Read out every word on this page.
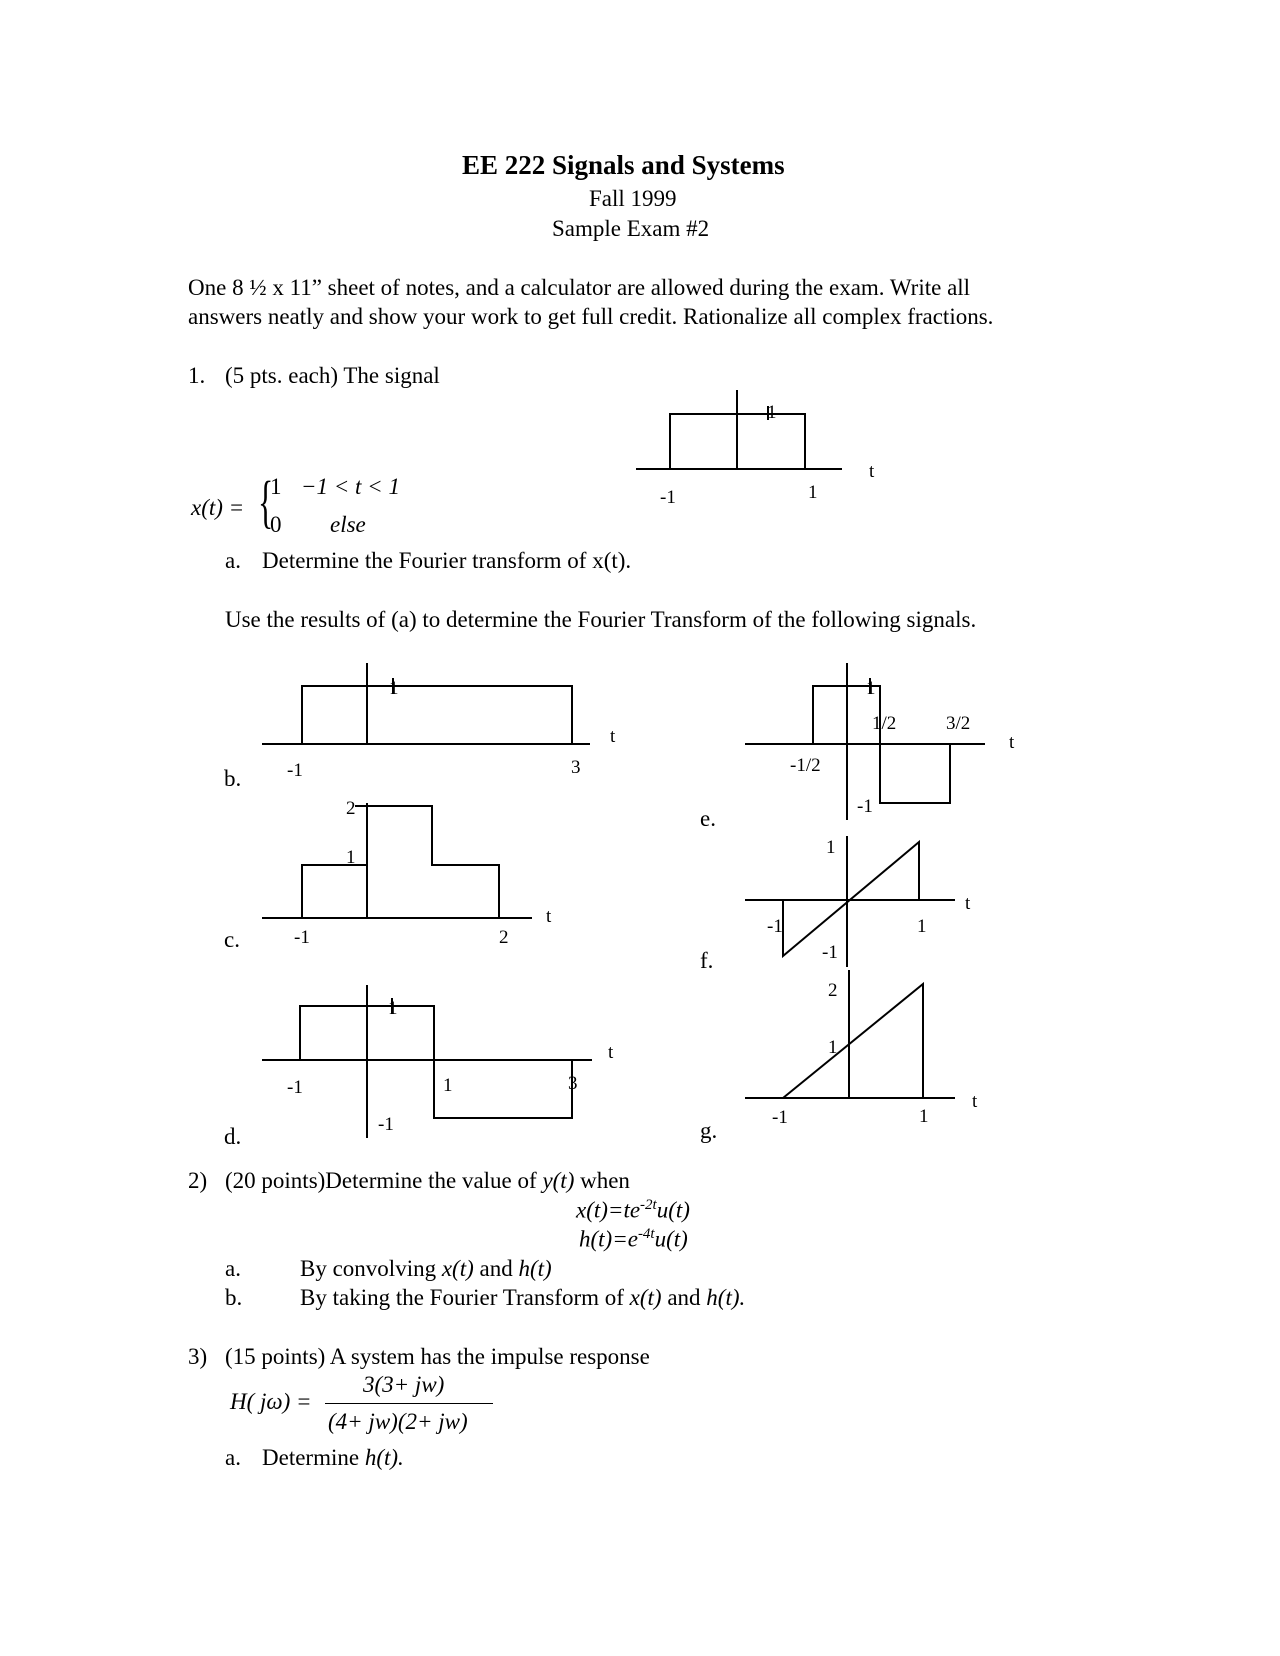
EE 222 Signals and Systems
Fall 1999
Sample Exam #2
One 8 ½ x 11” sheet of notes, and a calculator are allowed during the exam. Write all
answers neatly and show your work to get full credit. Rationalize all complex fractions.
1. (5 pts. each) The signal
x(t) = {
1 −1 < t < 1
0 else
a. Determine the Fourier transform of x(t).
Use the results of (a) to determine the Fourier Transform of the following signals.
b.
c.
d.
e.
f.
g.
1
-1	1
t
1
-1	3
t
2
1
-1	2
t
1
-1	1	3
-1
t
1
1/2	3/2
-1/2
-1
t
1
-1	1
-1
t
2
1
-1	1
t
2) (20 points)Determine the value of y(t) when
$x(t)=te^{-2t}u(t)$
$h(t)=e^{-4t}u(t)$
a.	By convolving x(t) and h(t)
b.	By taking the Fourier Transform of x(t) and h(t).
3) (15 points) A system has the impulse response
H( jω) =
3(3+ jw)
(4+ jw)(2+ jw)
a. Determine h(t).
